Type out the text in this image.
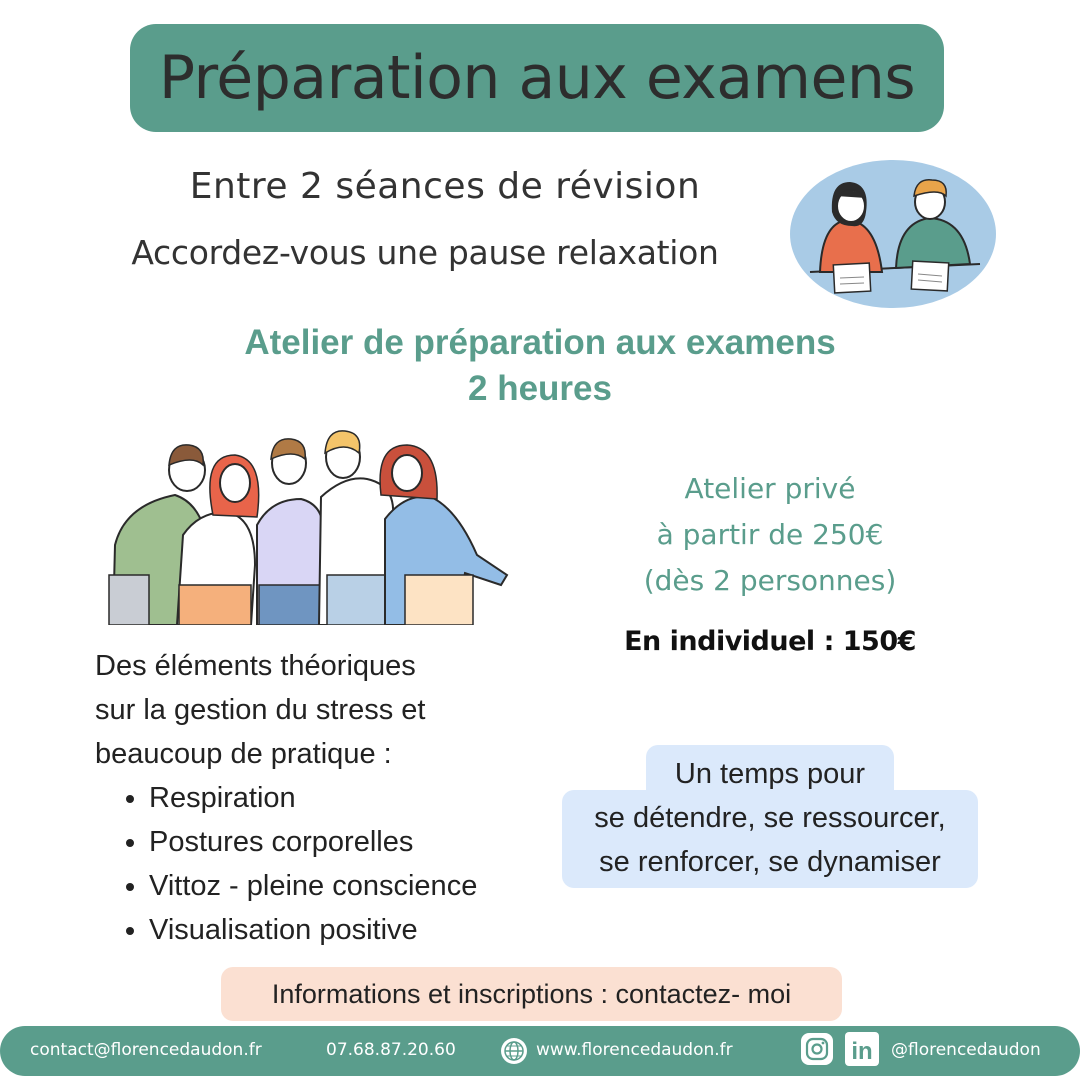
Préparation aux examens
Entre 2 séances de révision
Accordez-vous une pause relaxation
Atelier de préparation aux examens
2 heures
Atelier privé
à partir de 250€
(dès 2 personnes)
En individuel : 150€
Des éléments théoriques
sur la gestion du stress et
beaucoup de pratique :
• Respiration
• Postures corporelles
• Vittoz - pleine conscience
• Visualisation positive
Un temps pour
se détendre, se ressourcer,
se renforcer, se dynamiser
Informations et inscriptions : contactez- moi
contact@florencedaudon.fr	07.68.87.20.60	www.florencedaudon.fr	in @florencedaudon
